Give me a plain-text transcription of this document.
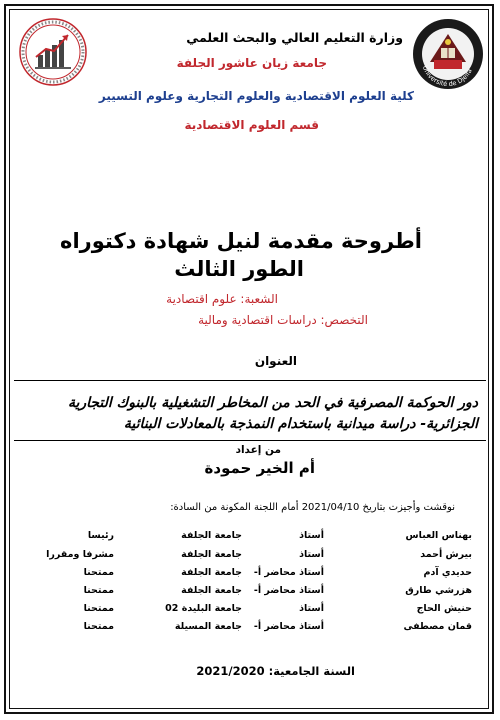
Université de Djelfa
وزارة التعليم العالي والبحث العلمي
جامعة زيان عاشور الجلفة
كلية العلوم الاقتصادية والعلوم التجارية وعلوم التسيير
قسم العلوم الاقتصادية
أطروحة مقدمة لنيل شهادة دكتوراه
الطور الثالث
الشعبة: علوم اقتصادية
التخصص: دراسات اقتصادية ومالية
العنوان
دور الحوكمة المصرفية في الحد من المخاطر التشغيلية بالبنوك التجارية
الجزائرية- دراسة ميدانية باستخدام النمذجة بالمعادلات البنائية
من إعداد
أم الخير حمودة
نوقشت وأجيزت بتاريخ 2021/04/10 أمام اللجنة المكونة من السادة:
بهناس العباس
أستاذ
جامعة الجلفة
رئيسا
بيرش أحمد
أستاذ
جامعة الجلفة
مشرفا ومقررا
حديدي آدم
أستاذ محاضر أ-
جامعة الجلفة
ممتحنا
هزرشي طارق
أستاذ محاضر أ-
جامعة الجلفة
ممتحنا
حنيش الحاج
أستاذ
جامعة البليدة 02
ممتحنا
قمان مصطفى
أستاذ محاضر أ-
جامعة المسيلة
ممتحنا
السنة الجامعية: 2021/2020
